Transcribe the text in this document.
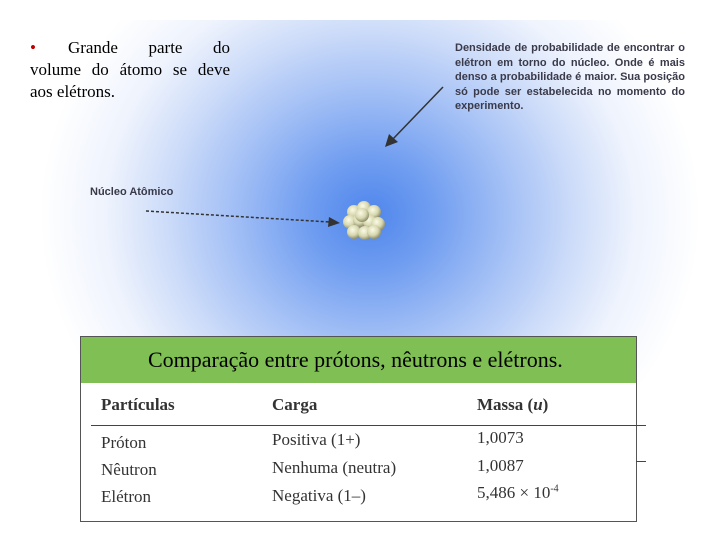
• Grande parte do volume do átomo se deve aos elétrons.
Densidade de probabilidade de encontrar o elétron em torno do núcleo. Onde é mais denso a probabilidade é maior. Sua posição só pode ser estabelecida no momento do experimento.
Núcleo Atômico
Comparação entre prótons, nêutrons e elétrons.
Partículas	Carga	Massa (u)
Próton	Positiva (1+)	1,0073
Nêutron	Nenhuma (neutra)	1,0087
Elétron	Negativa (1–)	$5,486 \times 10^{-4}$
